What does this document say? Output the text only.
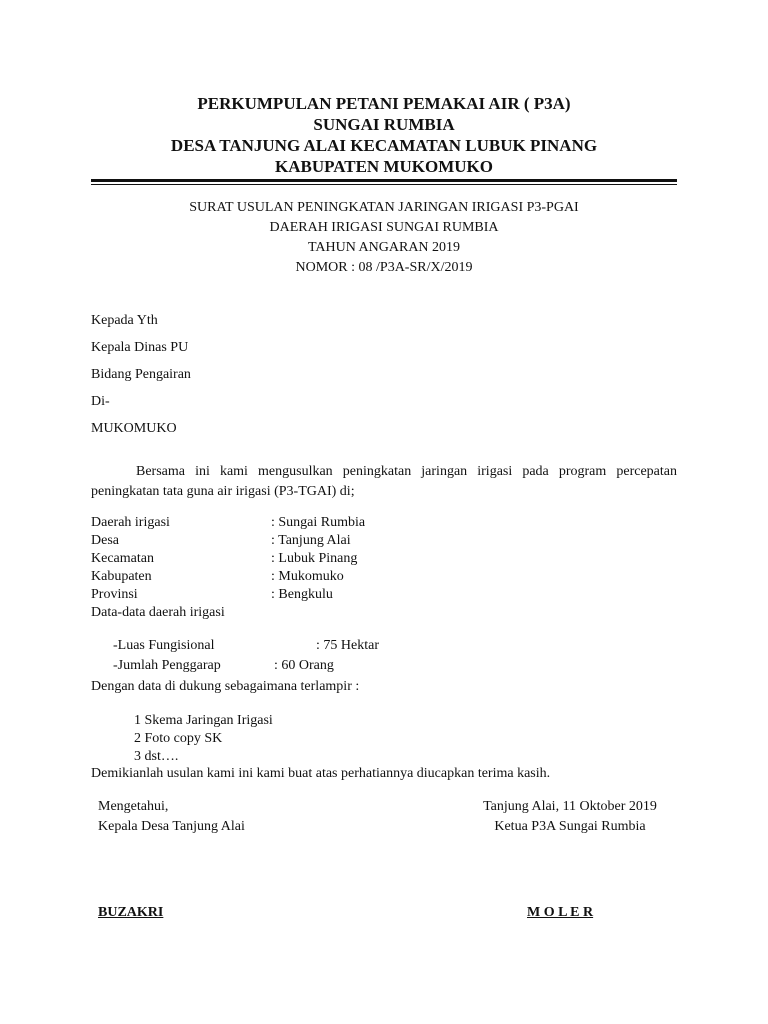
PERKUMPULAN PETANI PEMAKAI AIR ( P3A)
SUNGAI RUMBIA
DESA TANJUNG ALAI KECAMATAN LUBUK PINANG
KABUPATEN MUKOMUKO
SURAT USULAN PENINGKATAN JARINGAN IRIGASI P3-PGAI
DAERAH IRIGASI SUNGAI RUMBIA
TAHUN ANGARAN 2019
NOMOR : 08 /P3A-SR/X/2019
Kepada Yth
Kepala Dinas PU
Bidang Pengairan
Di-
MUKOMUKO
Bersama ini kami mengusulkan peningkatan jaringan irigasi pada program percepatan peningkatan tata guna air irigasi (P3-TGAI) di;
Daerah irigasi	: Sungai Rumbia
Desa	: Tanjung Alai
Kecamatan	: Lubuk Pinang
Kabupaten	: Mukomuko
Provinsi	: Bengkulu
Data-data daerah irigasi
-Luas Fungisional	: 75 Hektar
-Jumlah Penggarap	: 60 Orang
Dengan data di dukung sebagaimana terlampir :
1 Skema Jaringan Irigasi
2 Foto copy SK
3 dst….
Demikianlah usulan kami ini kami buat atas perhatiannya diucapkan terima kasih.
Mengetahui,
Kepala Desa Tanjung Alai
Tanjung Alai, 11 Oktober 2019
Ketua P3A Sungai Rumbia
BUZAKRI	M O L E R
